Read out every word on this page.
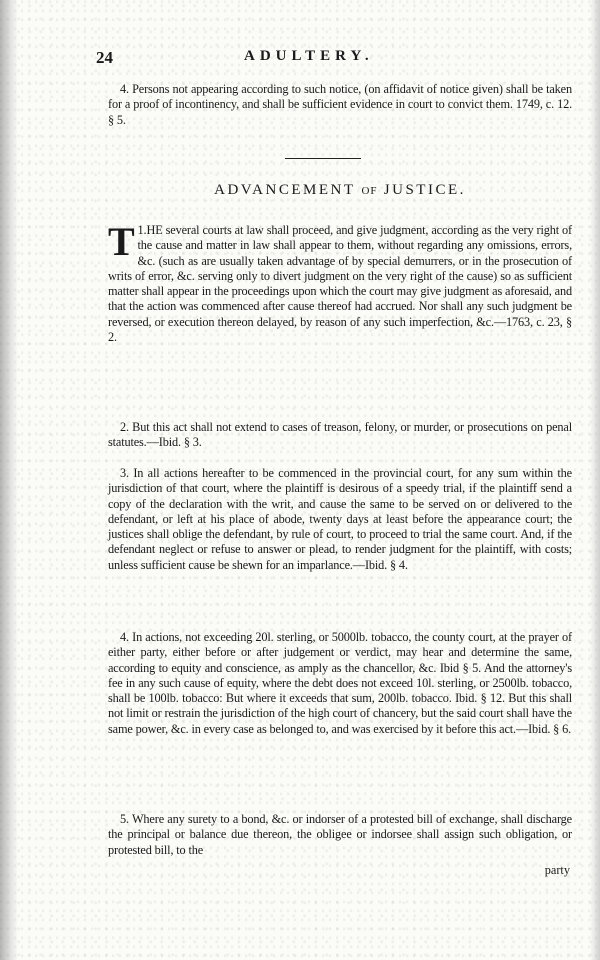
24	ADULTERY.

4. Persons not appearing according to such notice, (on affidavit of notice given) shall be taken for a proof of incontinency, and shall be sufficient evidence in court to convict them. 1749, c. 12. § 5.

ADVANCEMENT OF JUSTICE.

1.
T HE several courts at law shall proceed, and give judgment, according as the very right of the cause and matter in law shall appear to them, without regarding any omissions, errors, &c. (such as are usually taken advantage of by special demurrers, or in the prosecution of writs of error, &c. serving only to divert judgment on the very right of the cause) so as sufficient matter shall appear in the proceedings upon which the court may give judgment as aforesaid, and that the action was commenced after cause thereof had accrued. Nor shall any such judgment be reversed, or execution thereon delayed, by reason of any such imperfection, &c.—1763, c. 23, § 2.

2. But this act shall not extend to cases of treason, felony, or murder, or prosecutions on penal statutes.—Ibid. § 3.

3. In all actions hereafter to be commenced in the provincial court, for any sum within the jurisdiction of that court, where the plaintiff is desirous of a speedy trial, if the plaintiff send a copy of the declaration with the writ, and cause the same to be served on or delivered to the defendant, or left at his place of abode, twenty days at least before the appearance court; the justices shall oblige the defendant, by rule of court, to proceed to trial the same court. And, if the defendant neglect or refuse to answer or plead, to render judgment for the plaintiff, with costs; unless sufficient cause be shewn for an imparlance.—Ibid. § 4.

4. In actions, not exceeding 20l. sterling, or 5000lb. tobacco, the county court, at the prayer of either party, either before or after judgement or verdict, may hear and determine the same, according to equity and conscience, as amply as the chancellor, &c. Ibid § 5. And the attorney's fee in any such cause of equity, where the debt does not exceed 10l. sterling, or 2500lb. tobacco, shall be 100lb. tobacco: But where it exceeds that sum, 200lb. tobacco. Ibid. § 12. But this shall not limit or restrain the jurisdiction of the high court of chancery, but the said court shall have the same power, &c. in every case as belonged to, and was exercised by it before this act.—Ibid. § 6.

5. Where any surety to a bond, &c. or indorser of a protested bill of exchange, shall discharge the principal or balance due thereon, the obligee or indorsee shall assign such obligation, or protested bill, to the

party
